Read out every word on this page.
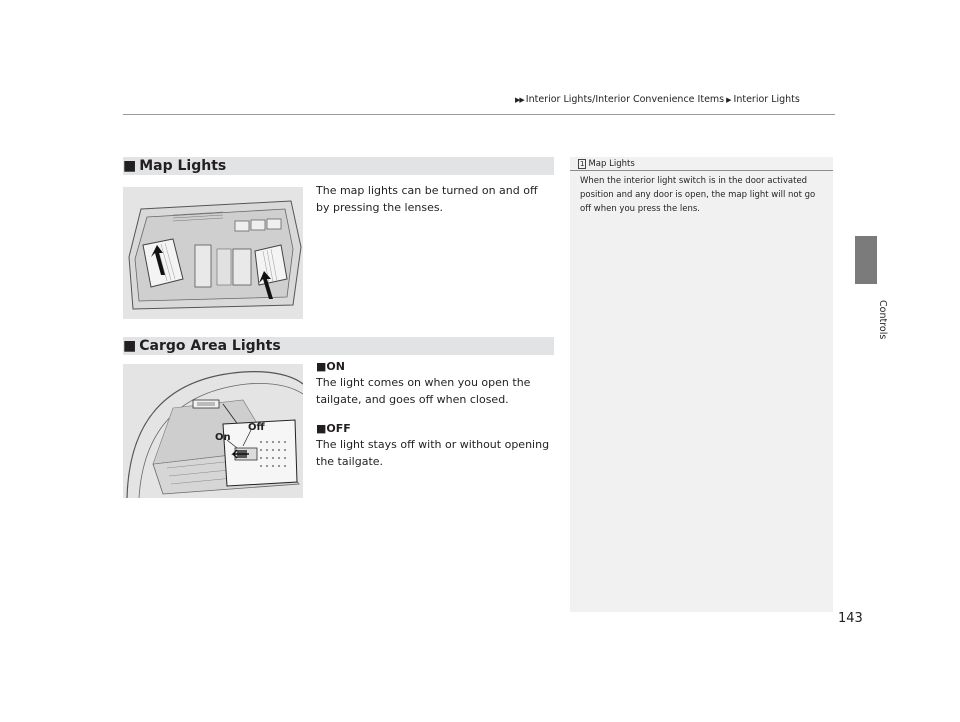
▶▶ Interior Lights/Interior Convenience Items ▶ Interior Lights
Controls
■ Map Lights
The map lights can be turned on and off by pressing the lenses.
■ Cargo Area Lights
Off
On
■ON
The light comes on when you open the tailgate, and goes off when closed.
■OFF
The light stays off with or without opening the tailgate.
1 Map Lights
When the interior light switch is in the door activated position and any door is open, the map light will not go off when you press the lens.
143
